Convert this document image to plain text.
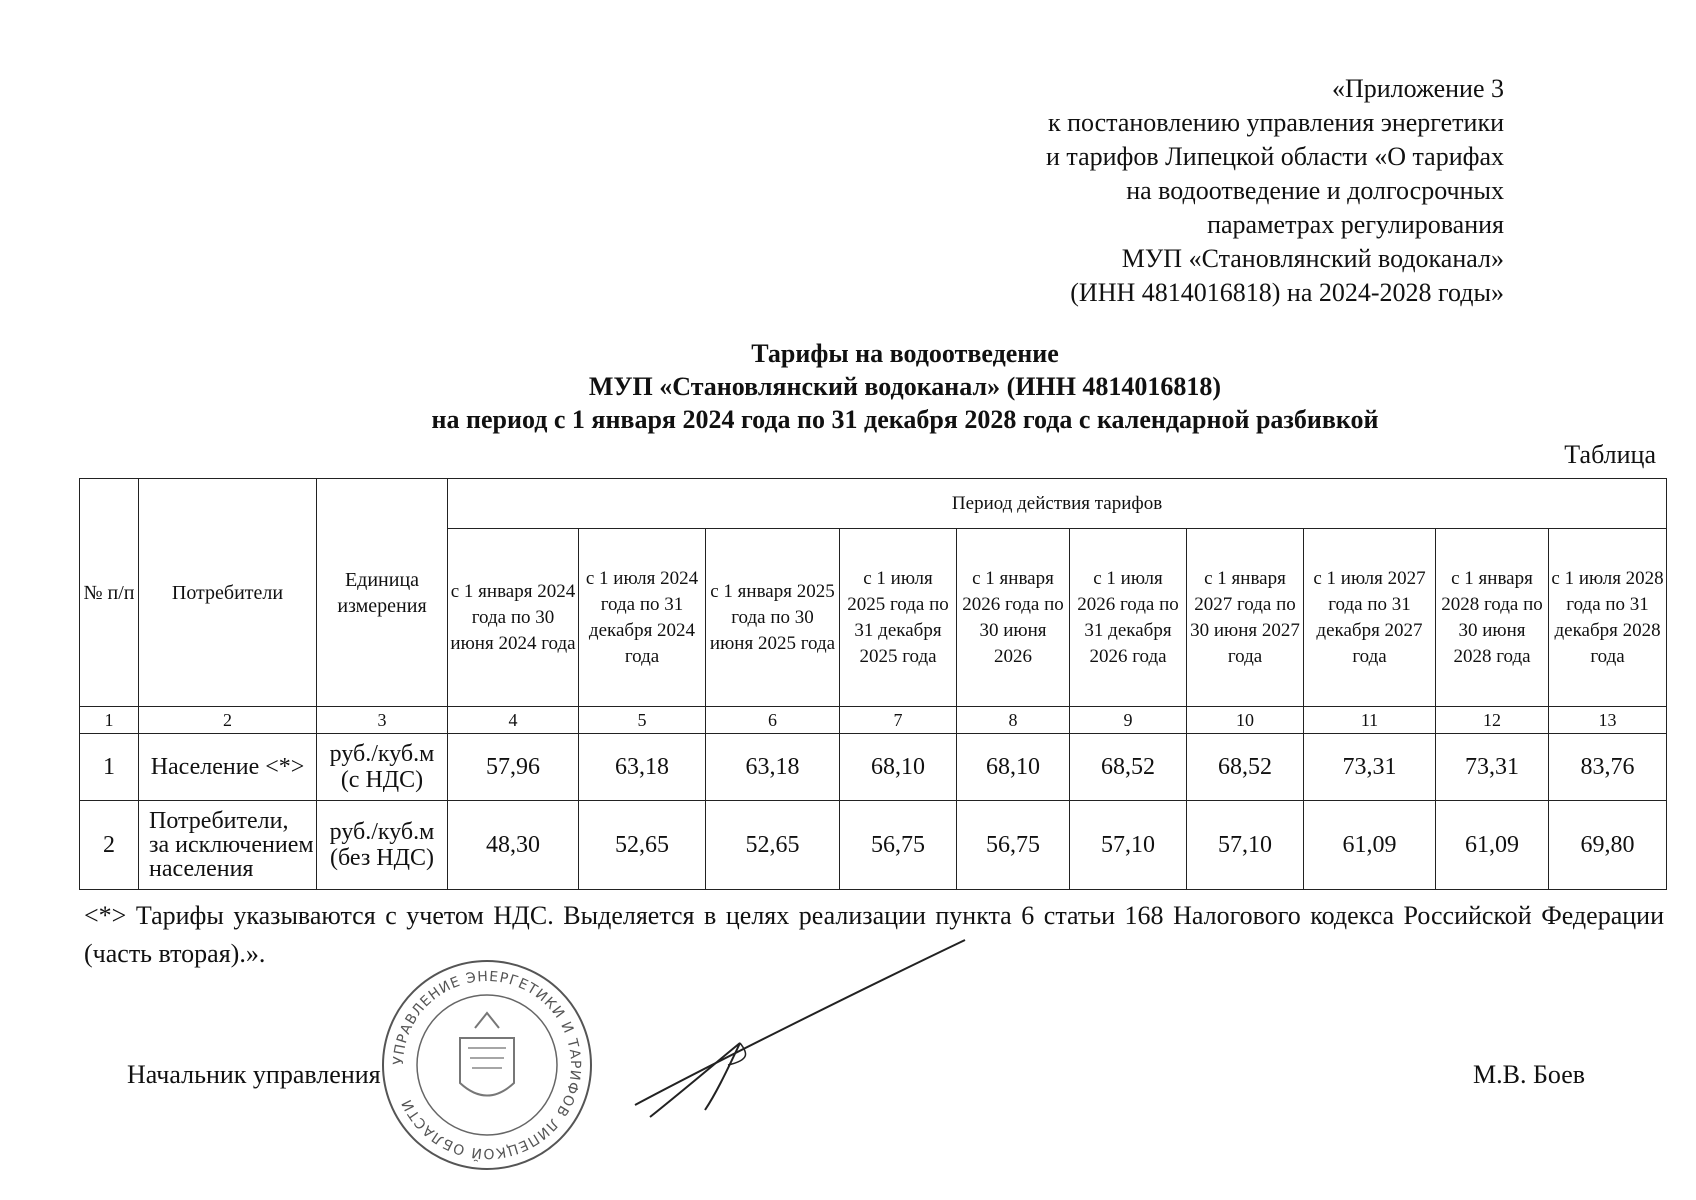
«Приложение 3
к постановлению управления энергетики
и тарифов Липецкой области «О тарифах
на водоотведение и долгосрочных
параметрах регулирования
МУП «Становлянский водоканал»
(ИНН 4814016818) на 2024-2028 годы»
Тарифы на водоотведение
МУП «Становлянский водоканал» (ИНН 4814016818)
на период с 1 января 2024 года по 31 декабря 2028 года с календарной разбивкой
Таблица
№ п/п	Потребители	Единица измерения	Период действия тарифов									
			с 1 января 2024 года по 30 июня 2024 года	с 1 июля 2024 года по 31 декабря 2024 года	с 1 января 2025 года по 30 июня 2025 года	с 1 июля 2025 года по 31 декабря 2025 года	с 1 января 2026 года по 30 июня 2026	с 1 июля 2026 года по 31 декабря 2026 года	с 1 января 2027 года по 30 июня 2027 года	с 1 июля 2027 года по 31 декабря 2027 года	с 1 января 2028 года по 30 июня 2028 года	с 1 июля 2028 года по 31 декабря 2028 года
1	2	3	4	5	6	7	8	9	10	11	12	13
1	Население <*>	руб./куб.м (с НДС)	57,96	63,18	63,18	68,10	68,10	68,52	68,52	73,31	73,31	83,76
2	Потребители, за исключением населения	руб./куб.м (без НДС)	48,30	52,65	52,65	56,75	56,75	57,10	57,10	61,09	61,09	69,80
<*> Тарифы указываются с учетом НДС. Выделяется в целях реализации пункта 6 статьи 168 Налогового кодекса Российской Федерации (часть вторая).».
Начальник управления	М.В. Боев
УПРАВЛЕНИЕ ЭНЕРГЕТИКИ И ТАРИФОВ ЛИПЕЦКОЙ ОБЛАСТИ
